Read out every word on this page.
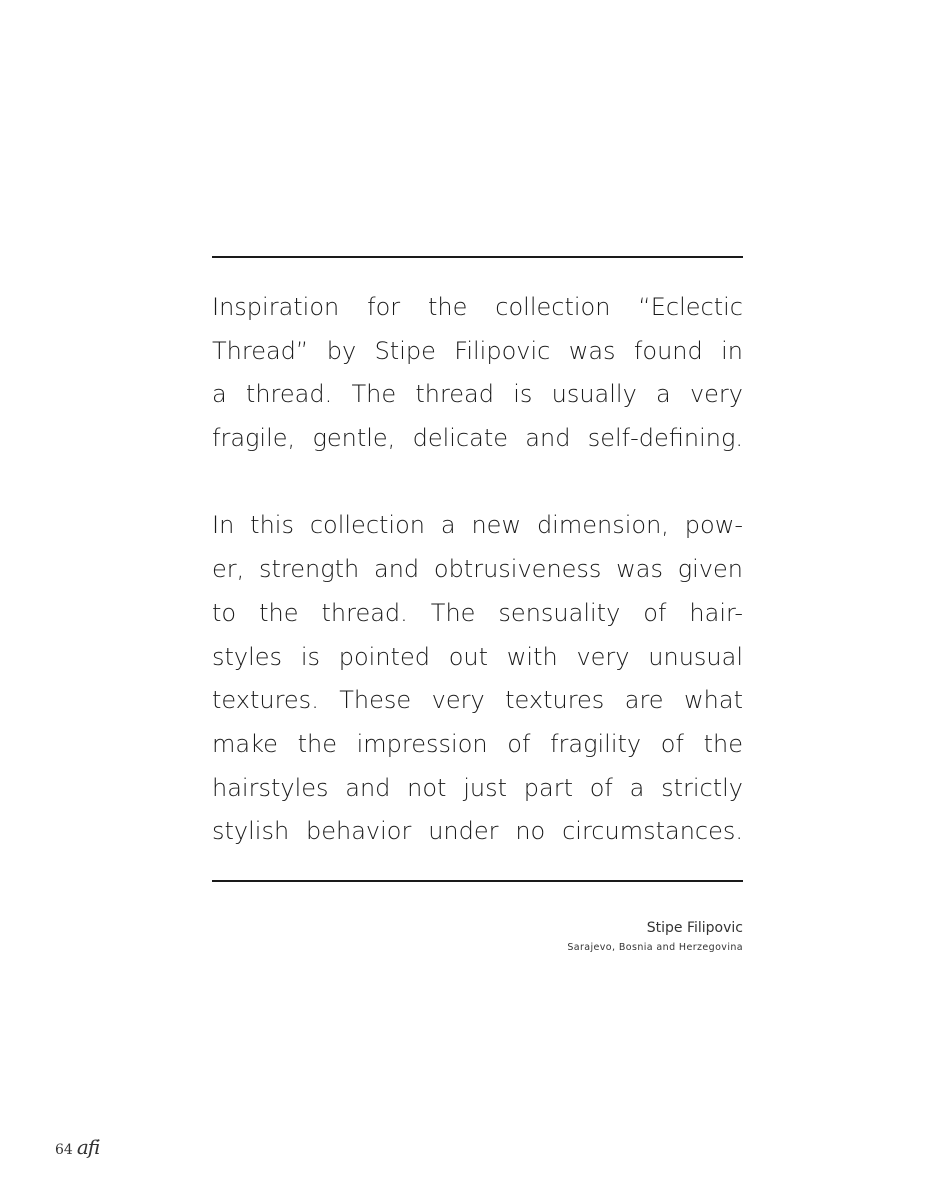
Inspiration for the collection “Eclectic
Thread” by Stipe Filipovic was found in
a thread. The thread is usually a very
fragile, gentle, delicate and self-defining.
In this collection a new dimension, pow-
er, strength and obtrusiveness was given
to the thread. The sensuality of hair-
styles is pointed out with very unusual
textures. These very textures are what
make the impression of fragility of the
hairstyles and not just part of a strictly
stylish behavior under no circumstances.
Stipe Filipovic
Sarajevo, Bosnia and Herzegovina
64 afi
